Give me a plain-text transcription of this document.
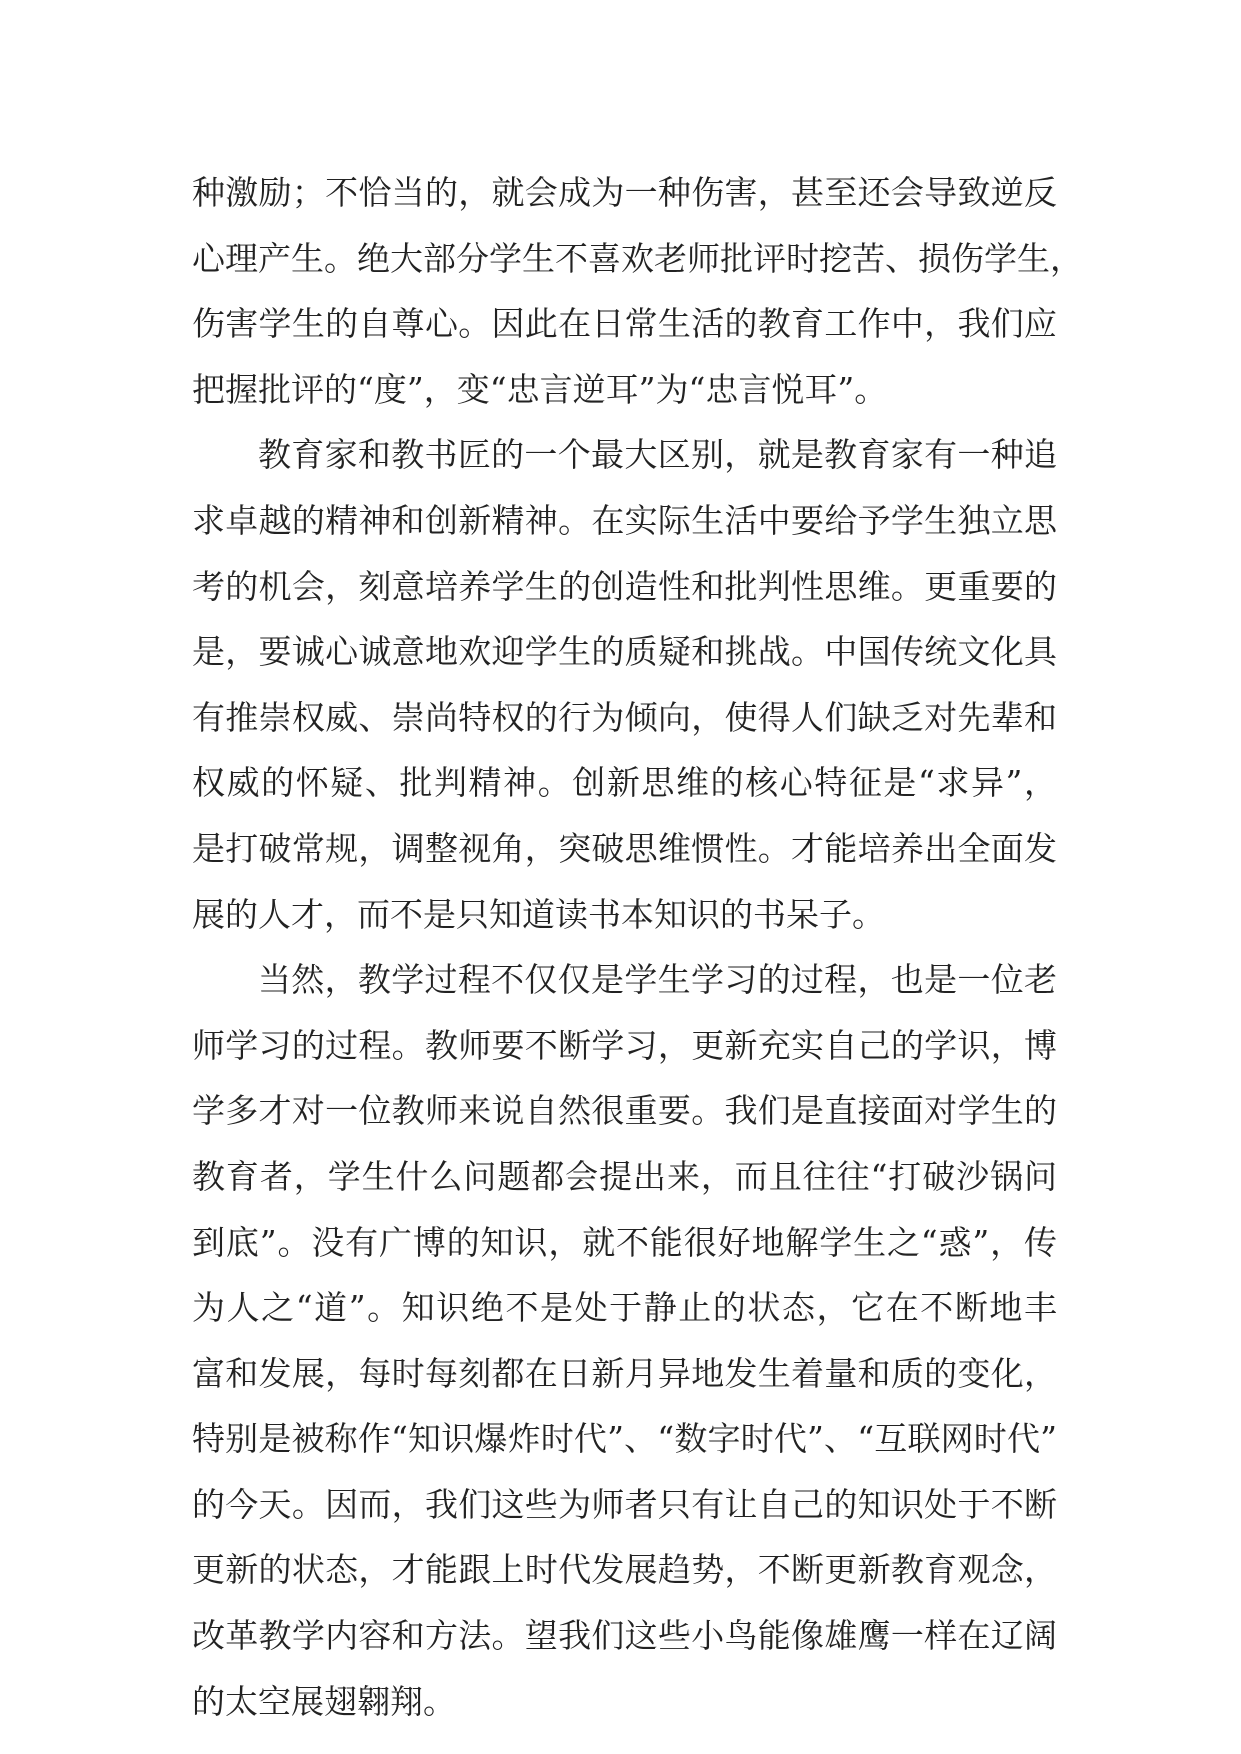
种激励；不恰当的，就会成为一种伤害，甚至还会导致逆反
心理产生。绝大部分学生不喜欢老师批评时挖苦、损伤学生，
伤害学生的自尊心。因此在日常生活的教育工作中，我们应
把握批评的“度”，变“忠言逆耳”为“忠言悦耳”。
教育家和教书匠的一个最大区别，就是教育家有一种追
求卓越的精神和创新精神。在实际生活中要给予学生独立思
考的机会，刻意培养学生的创造性和批判性思维。更重要的
是，要诚心诚意地欢迎学生的质疑和挑战。中国传统文化具
有推崇权威、崇尚特权的行为倾向，使得人们缺乏对先辈和
权威的怀疑、批判精神。创新思维的核心特征是“求异”，
是打破常规，调整视角，突破思维惯性。才能培养出全面发
展的人才，而不是只知道读书本知识的书呆子。
当然，教学过程不仅仅是学生学习的过程，也是一位老
师学习的过程。教师要不断学习，更新充实自己的学识，博
学多才对一位教师来说自然很重要。我们是直接面对学生的
教育者，学生什么问题都会提出来，而且往往“打破沙锅问
到底”。没有广博的知识，就不能很好地解学生之“惑”，传
为人之“道”。知识绝不是处于静止的状态，它在不断地丰
富和发展，每时每刻都在日新月异地发生着量和质的变化，
特别是被称作“知识爆炸时代”、“数字时代”、“互联网时代”
的今天。因而，我们这些为师者只有让自己的知识处于不断
更新的状态，才能跟上时代发展趋势，不断更新教育观念，
改革教学内容和方法。望我们这些小鸟能像雄鹰一样在辽阔
的太空展翅翱翔。
